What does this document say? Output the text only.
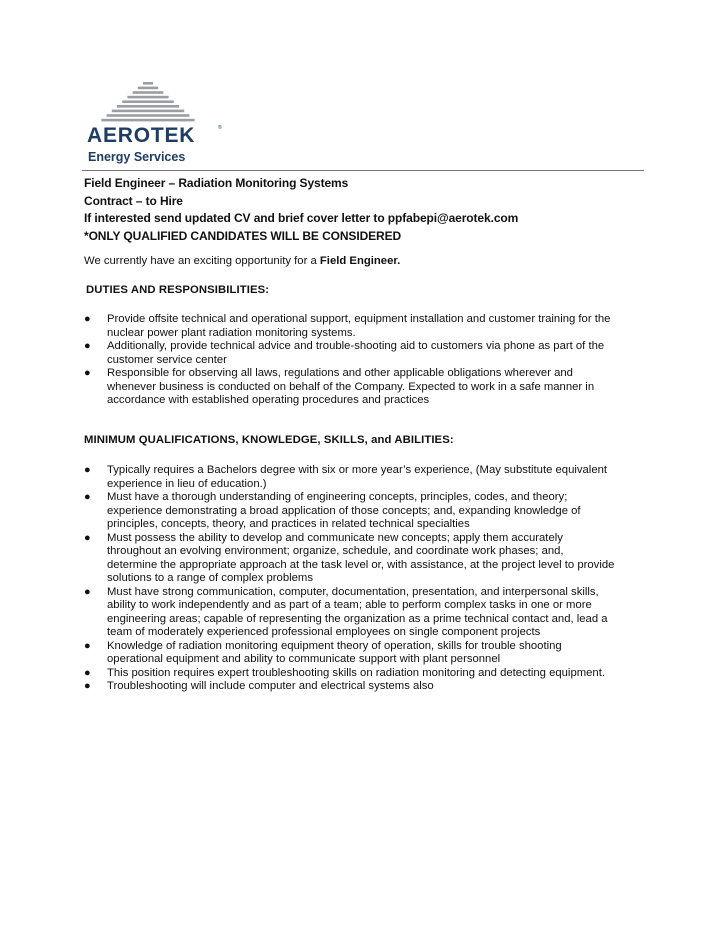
AEROTEK	®
Energy Services
Field Engineer – Radiation Monitoring Systems
Contract – to Hire
If interested send updated CV and brief cover letter to ppfabepi@aerotek.com
*ONLY QUALIFIED CANDIDATES WILL BE CONSIDERED
We currently have an exciting opportunity for a Field Engineer.
DUTIES AND RESPONSIBILITIES:
● Provide offsite technical and operational support, equipment installation and customer training for the
nuclear power plant radiation monitoring systems.
● Additionally, provide technical advice and trouble-shooting aid to customers via phone as part of the
customer service center
● Responsible for observing all laws, regulations and other applicable obligations wherever and
whenever business is conducted on behalf of the Company. Expected to work in a safe manner in
accordance with established operating procedures and practices
MINIMUM QUALIFICATIONS, KNOWLEDGE, SKILLS, and ABILITIES:
● Typically requires a Bachelors degree with six or more year’s experience, (May substitute equivalent
experience in lieu of education.)
● Must have a thorough understanding of engineering concepts, principles, codes, and theory;
experience demonstrating a broad application of those concepts; and, expanding knowledge of
principles, concepts, theory, and practices in related technical specialties
● Must possess the ability to develop and communicate new concepts; apply them accurately
throughout an evolving environment; organize, schedule, and coordinate work phases; and,
determine the appropriate approach at the task level or, with assistance, at the project level to provide
solutions to a range of complex problems
● Must have strong communication, computer, documentation, presentation, and interpersonal skills,
ability to work independently and as part of a team; able to perform complex tasks in one or more
engineering areas; capable of representing the organization as a prime technical contact and, lead a
team of moderately experienced professional employees on single component projects
● Knowledge of radiation monitoring equipment theory of operation, skills for trouble shooting
operational equipment and ability to communicate support with plant personnel
● This position requires expert troubleshooting skills on radiation monitoring and detecting equipment.
● Troubleshooting will include computer and electrical systems also
